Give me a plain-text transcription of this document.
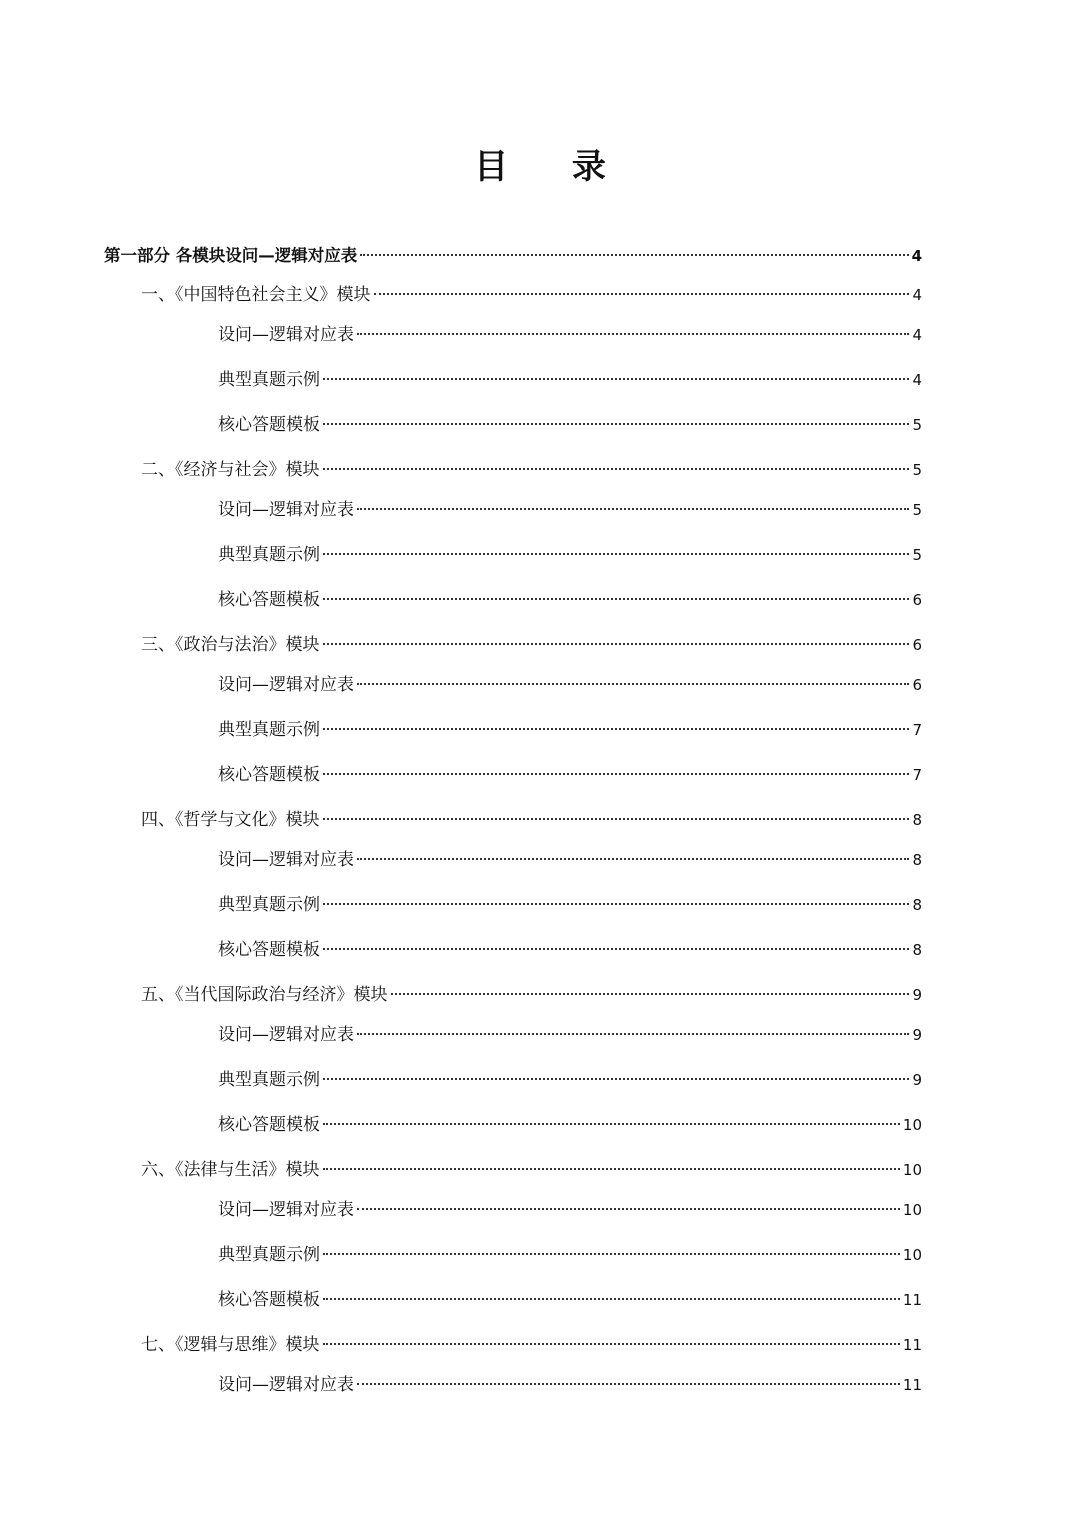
目 录
第一部分 各模块设问—逻辑对应表	4
一、《中国特色社会主义》模块	4
设问—逻辑对应表	4
典型真题示例	4
核心答题模板	5
二、《经济与社会》模块	5
设问—逻辑对应表	5
典型真题示例	5
核心答题模板	6
三、《政治与法治》模块	6
设问—逻辑对应表	6
典型真题示例	7
核心答题模板	7
四、《哲学与文化》模块	8
设问—逻辑对应表	8
典型真题示例	8
核心答题模板	8
五、《当代国际政治与经济》模块	9
设问—逻辑对应表	9
典型真题示例	9
核心答题模板	10
六、《法律与生活》模块	10
设问—逻辑对应表	10
典型真题示例	10
核心答题模板	11
七、《逻辑与思维》模块	11
设问—逻辑对应表	11
